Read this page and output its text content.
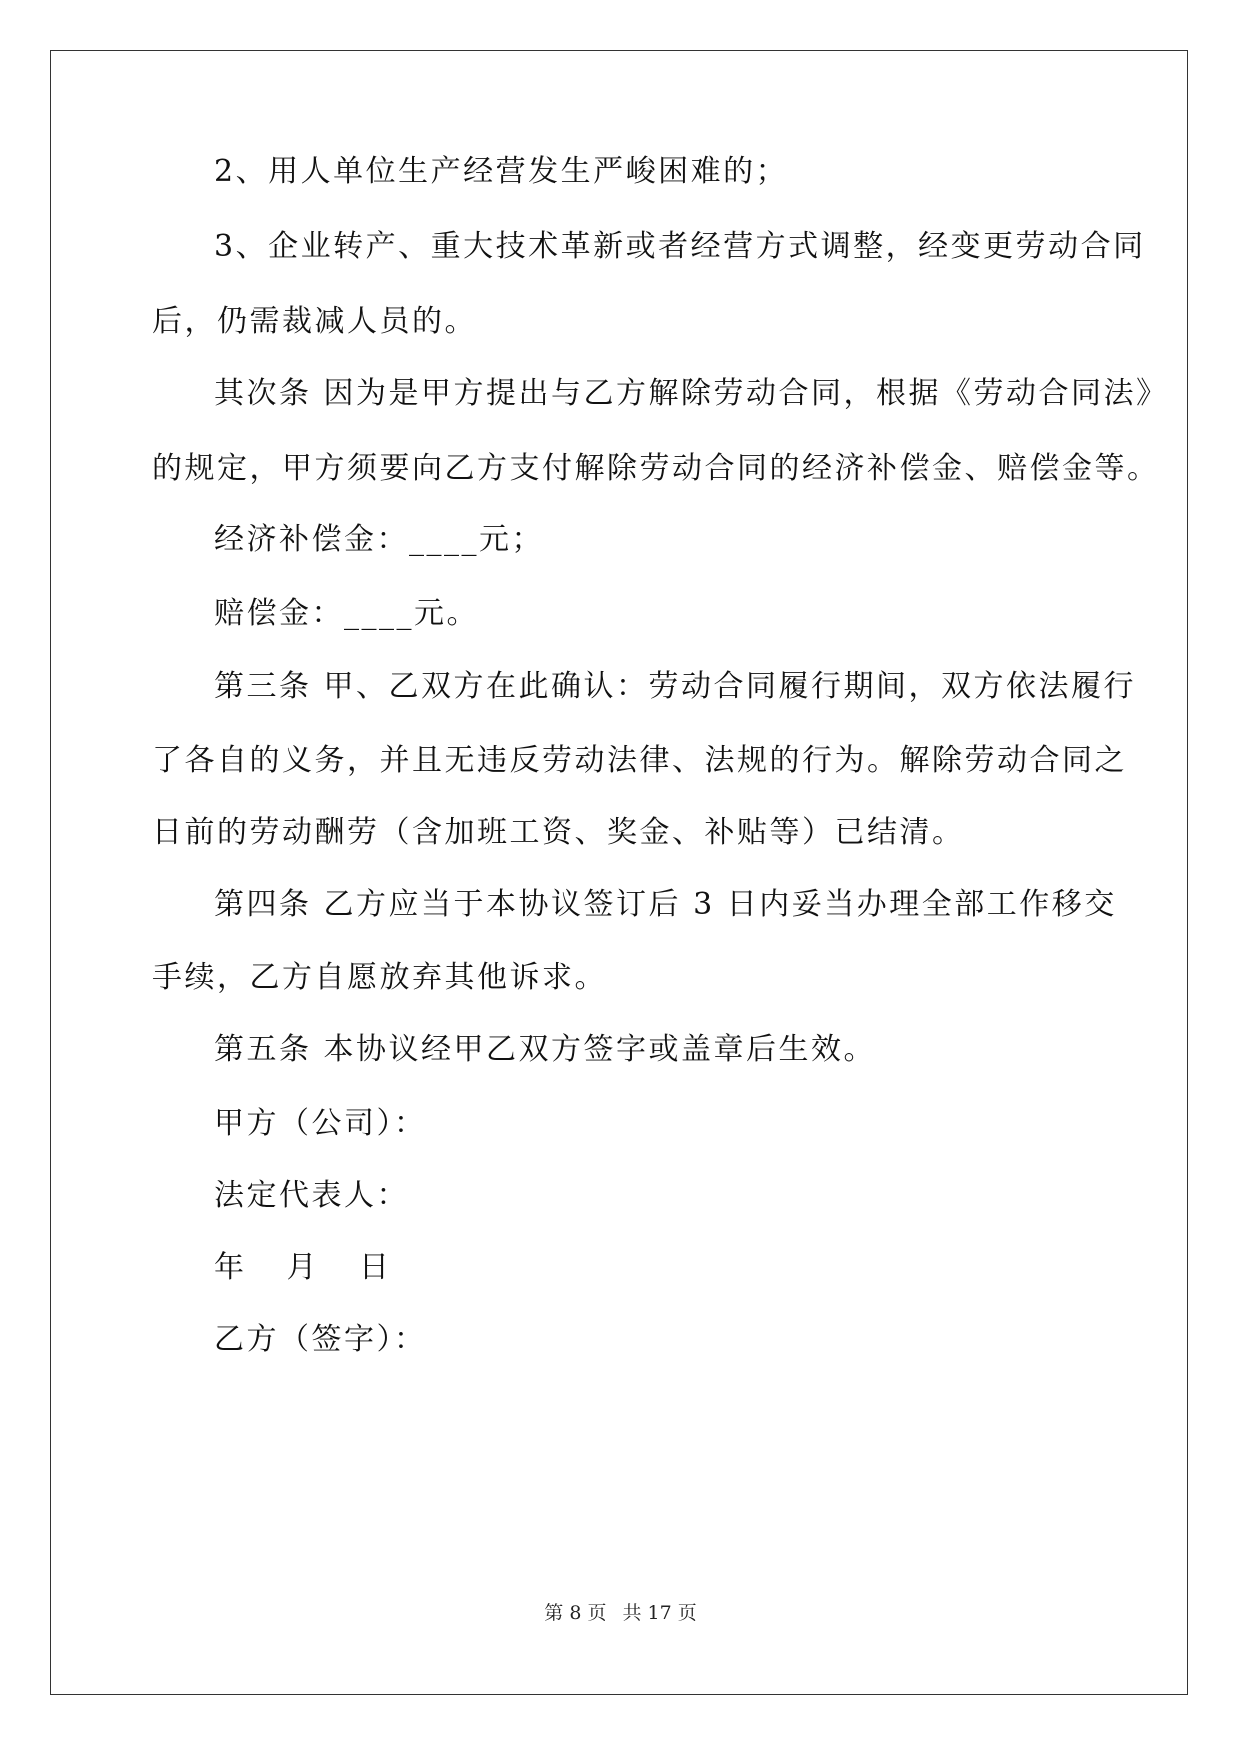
2、用人单位生产经营发生严峻困难的；
3、企业转产、重大技术革新或者经营方式调整，经变更劳动合同
后，仍需裁减人员的。
其次条 因为是甲方提出与乙方解除劳动合同，根据《劳动合同法》
的规定，甲方须要向乙方支付解除劳动合同的经济补偿金、赔偿金等。
经济补偿金：____元；
赔偿金：____元。
第三条 甲、乙双方在此确认：劳动合同履行期间，双方依法履行
了各自的义务，并且无违反劳动法律、法规的行为。解除劳动合同之
日前的劳动酬劳（含加班工资、奖金、补贴等）已结清。
第四条 乙方应当于本协议签订后 3 日内妥当办理全部工作移交
手续，乙方自愿放弃其他诉求。
第五条 本协议经甲乙双方签字或盖章后生效。
甲方（公司）：
法定代表人：
年 月 日
乙方（签字）：
第 8 页 共 17 页
